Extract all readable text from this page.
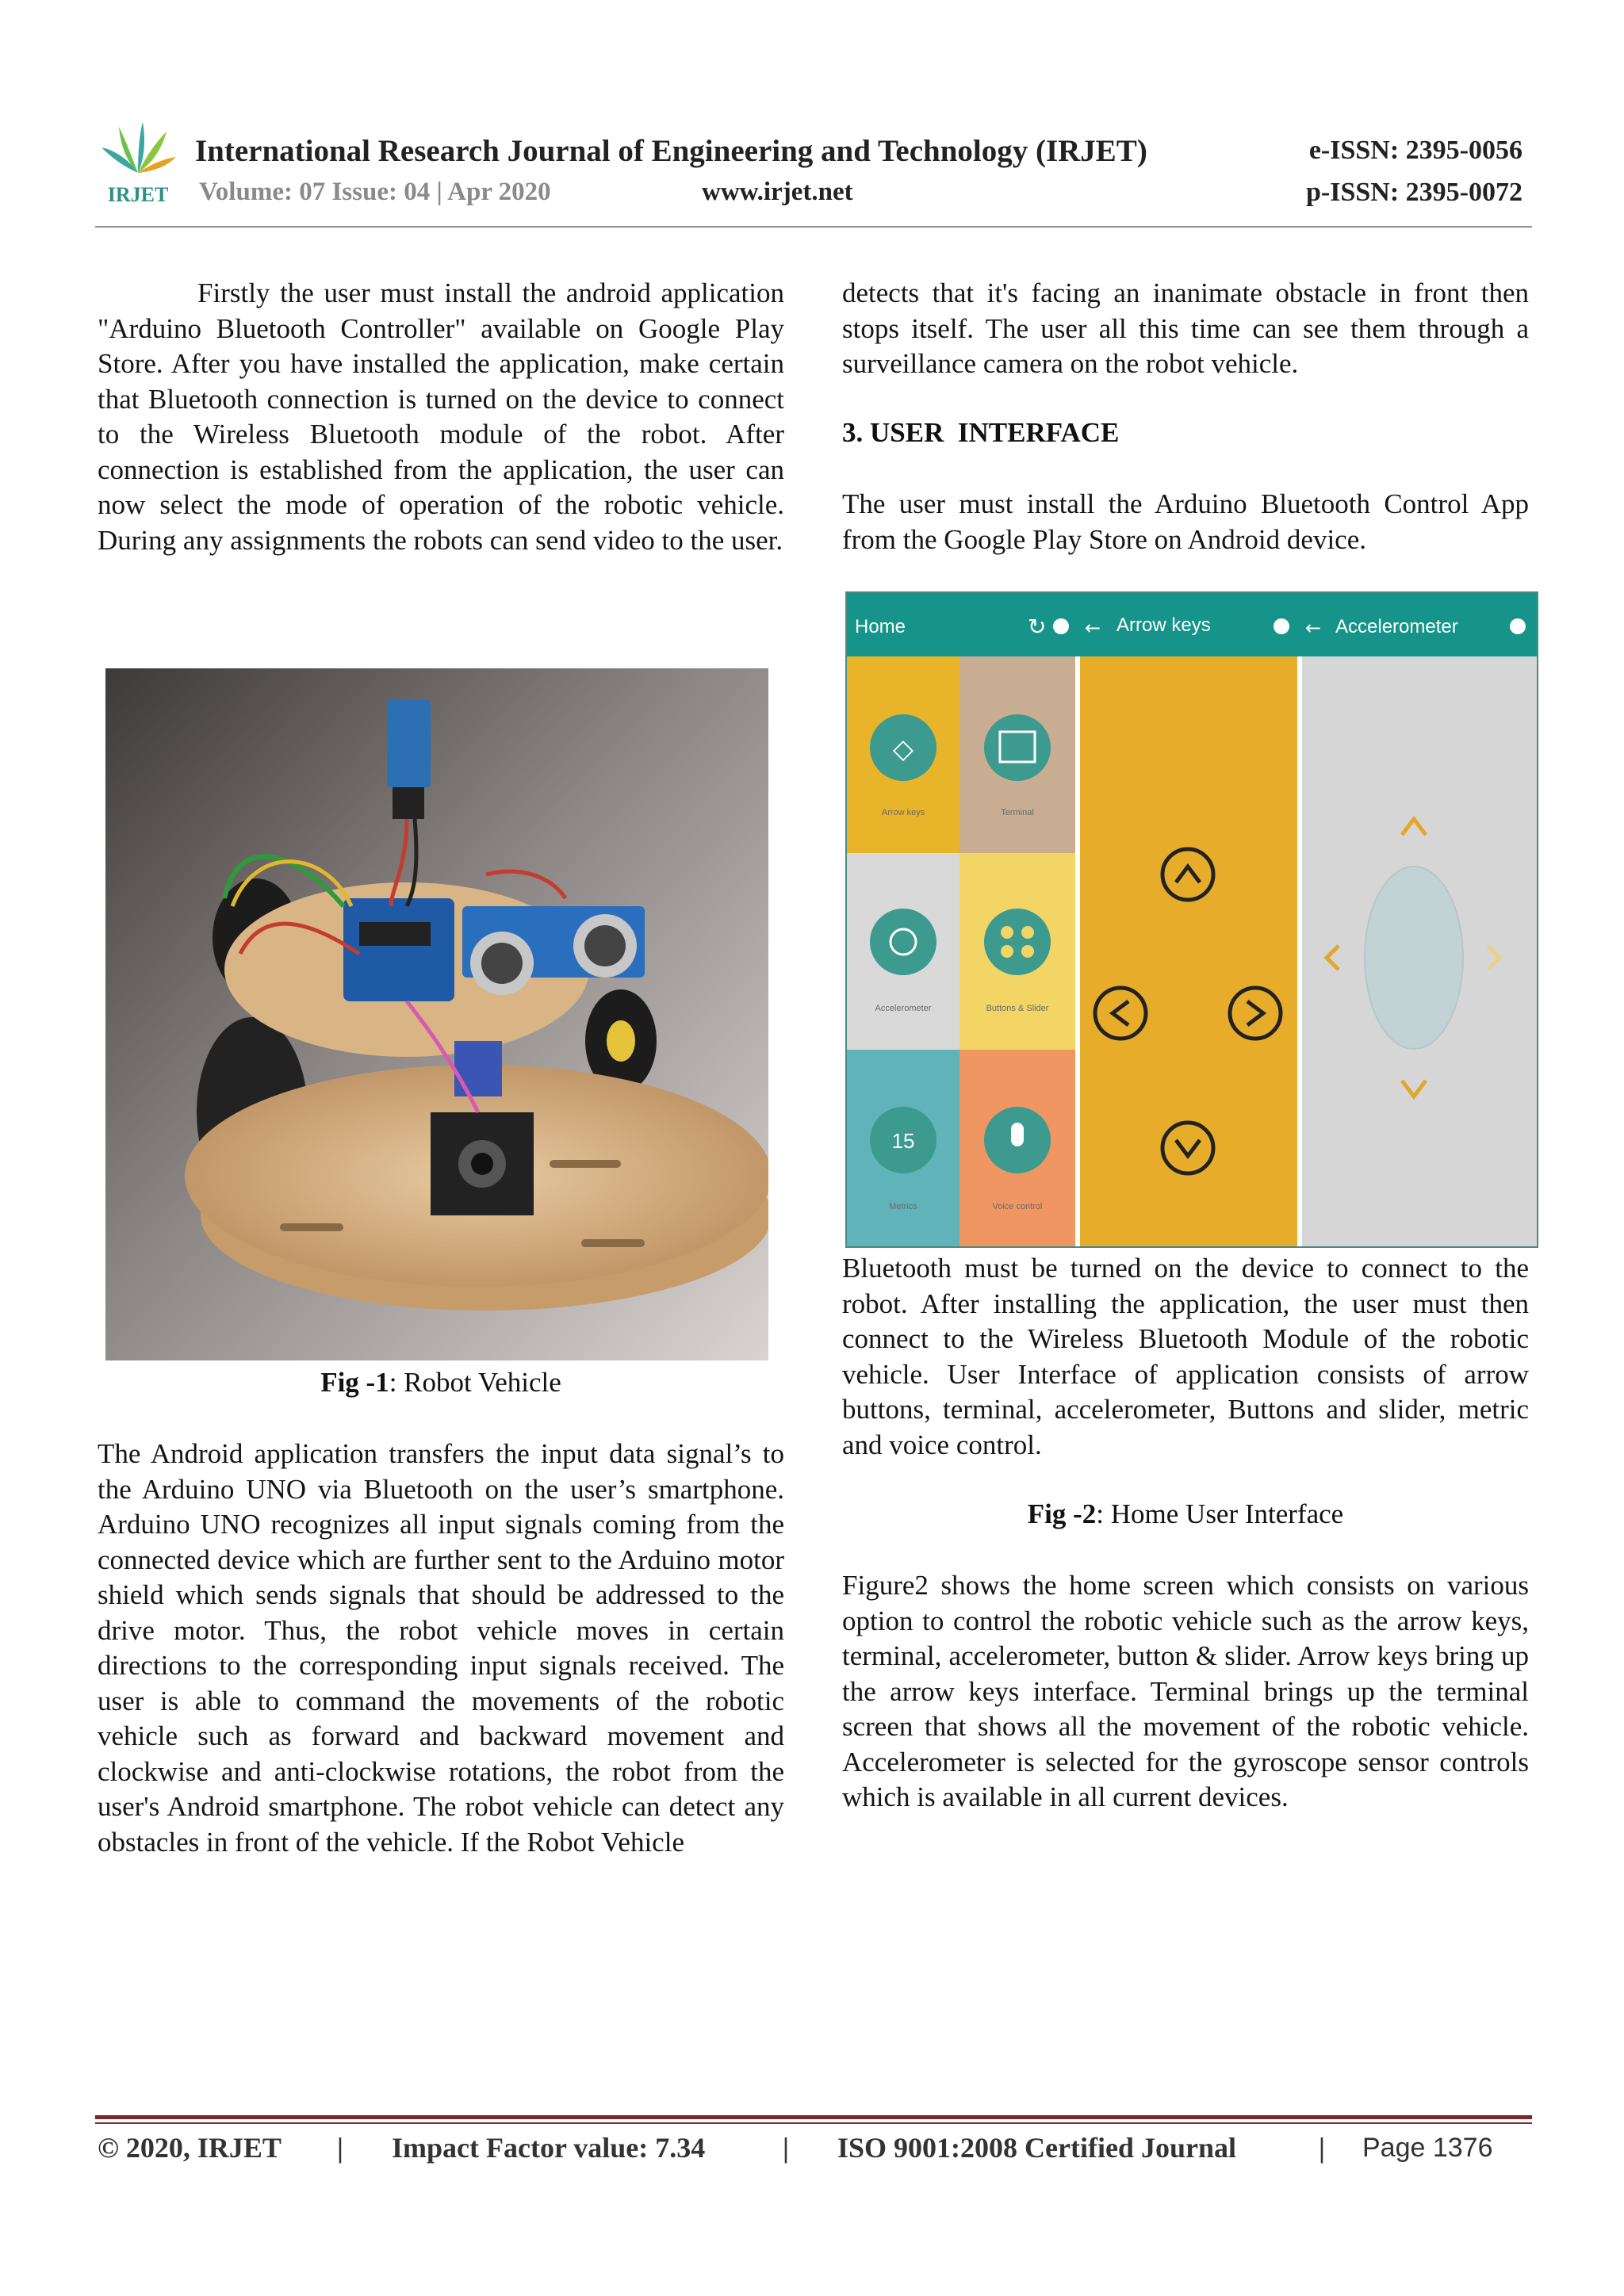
IRJET
International Research Journal of Engineering and Technology (IRJET)	e-ISSN: 2395-0056
Volume: 07 Issue: 04 | Apr 2020	www.irjet.net	p-ISSN: 2395-0072

Firstly the user must install the android application "Arduino Bluetooth Controller" available on Google Play Store. After you have installed the application, make certain that Bluetooth connection is turned on the device to connect to the Wireless Bluetooth module of the robot. After connection is established from the application, the user can now select the mode of operation of the robotic vehicle. During any assignments the robots can send video to the user.

Fig -1: Robot Vehicle

The Android application transfers the input data signal’s to the Arduino UNO via Bluetooth on the user’s smartphone. Arduino UNO recognizes all input signals coming from the connected device which are further sent to the Arduino motor shield which sends signals that should be addressed to the drive motor. Thus, the robot vehicle moves in certain directions to the corresponding input signals received. The user is able to command the movements of the robotic vehicle such as forward and backward movement and clockwise and anti-clockwise rotations, the robot from the user's Android smartphone. The robot vehicle can detect any obstacles in front of the vehicle. If the Robot Vehicle

detects that it's facing an inanimate obstacle in front then stops itself. The user all this time can see them through a surveillance camera on the robot vehicle.

3. USER  INTERFACE

The user must install the Arduino Bluetooth Control App from the Google Play Store on Android device.

Home	↻ ← Arrow keys	← Accelerometer
◇
15
Arrow keys	Terminal
Accelerometer	Buttons & Slider
Metrics	Voice control

Bluetooth must be turned on the device to connect to the robot. After installing the application, the user must then connect to the Wireless Bluetooth Module of the robotic vehicle. User Interface of application consists of arrow buttons, terminal, accelerometer, Buttons and slider, metric and voice control.

Fig -2: Home User Interface

Figure2 shows the home screen which consists on various option to control the robotic vehicle such as the arrow keys, terminal, accelerometer, button & slider. Arrow keys bring up the arrow keys interface. Terminal brings up the terminal screen that shows all the movement of the robotic vehicle. Accelerometer is selected for the gyroscope sensor controls which is available in all current devices.

© 2020, IRJET | Impact Factor value: 7.34	| ISO 9001:2008 Certified Journal	| Page 1376
